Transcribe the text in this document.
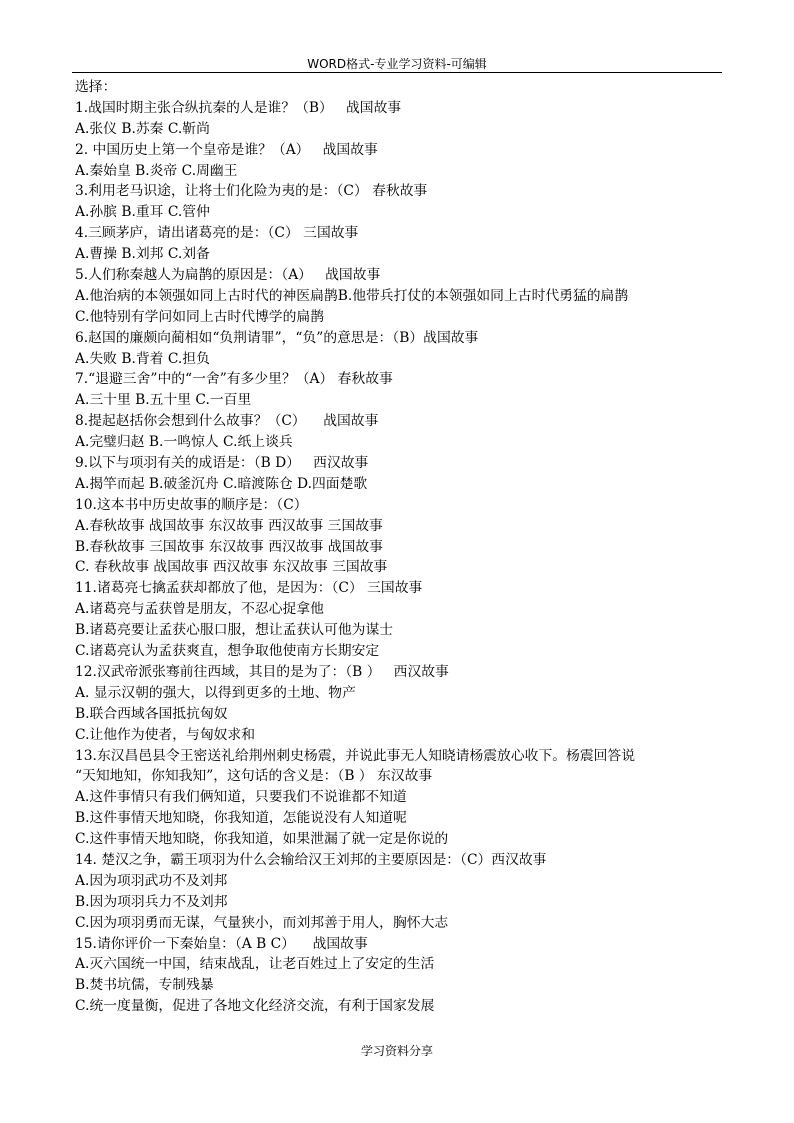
WORD格式-专业学习资料-可编辑
选择：
1.战国时期主张合纵抗秦的人是谁？（B）   战国故事
A.张仪 B.苏秦 C.靳尚
2. 中国历史上第一个皇帝是谁？（A）   战国故事
A.秦始皇 B.炎帝 C.周幽王
3.利用老马识途，让将士们化险为夷的是：（C） 春秋故事
A.孙膑 B.重耳 C.管仲
4.三顾茅庐，请出诸葛亮的是：（C） 三国故事
A.曹操 B.刘邦 C.刘备
5.人们称秦越人为扁鹊的原因是：（A）   战国故事
A.他治病的本领强如同上古时代的神医扁鹊B.他带兵打仗的本领强如同上古时代勇猛的扁鹊
C.他特别有学问如同上古时代博学的扁鹊
6.赵国的廉颇向蔺相如“负荆请罪”，“负”的意思是：（B）战国故事
A.失败 B.背着 C.担负
7.“退避三舍”中的“一舍”有多少里？（A） 春秋故事
A.三十里 B.五十里 C.一百里
8.提起赵括你会想到什么故事？（C）    战国故事
A.完璧归赵 B.一鸣惊人 C.纸上谈兵
9.以下与项羽有关的成语是：（B D）   西汉故事
A.揭竿而起 B.破釜沉舟 C.暗渡陈仓 D.四面楚歌
10.这本书中历史故事的顺序是：（C）
A.春秋故事 战国故事 东汉故事 西汉故事 三国故事
B.春秋故事 三国故事 东汉故事 西汉故事 战国故事
C. 春秋故事 战国故事 西汉故事 东汉故事 三国故事
11.诸葛亮七擒孟获却都放了他，是因为：（C） 三国故事
A.诸葛亮与孟获曾是朋友，不忍心捉拿他
B.诸葛亮要让孟获心服口服，想让孟获认可他为谋士
C.诸葛亮认为孟获爽直，想争取他使南方长期安定
12.汉武帝派张骞前往西域，其目的是为了：（B ）   西汉故事
A. 显示汉朝的强大，以得到更多的土地、物产
B.联合西域各国抵抗匈奴
C.让他作为使者，与匈奴求和
13.东汉昌邑县令王密送礼给荆州刺史杨震，并说此事无人知晓请杨震放心收下。杨震回答说
“天知地知，你知我知”，这句话的含义是：（B ） 东汉故事
A.这件事情只有我们俩知道，只要我们不说谁都不知道
B.这件事情天地知晓，你我知道，怎能说没有人知道呢
C.这件事情天地知晓，你我知道，如果泄漏了就一定是你说的
14. 楚汉之争，霸王项羽为什么会输给汉王刘邦的主要原因是：（C）西汉故事
A.因为项羽武功不及刘邦
B.因为项羽兵力不及刘邦
C.因为项羽勇而无谋，气量狭小，而刘邦善于用人，胸怀大志
15.请你评价一下秦始皇：（A B C）    战国故事
A.灭六国统一中国，结束战乱，让老百姓过上了安定的生活
B.焚书坑儒，专制残暴
C.统一度量衡，促进了各地文化经济交流，有利于国家发展
学习资料分享
